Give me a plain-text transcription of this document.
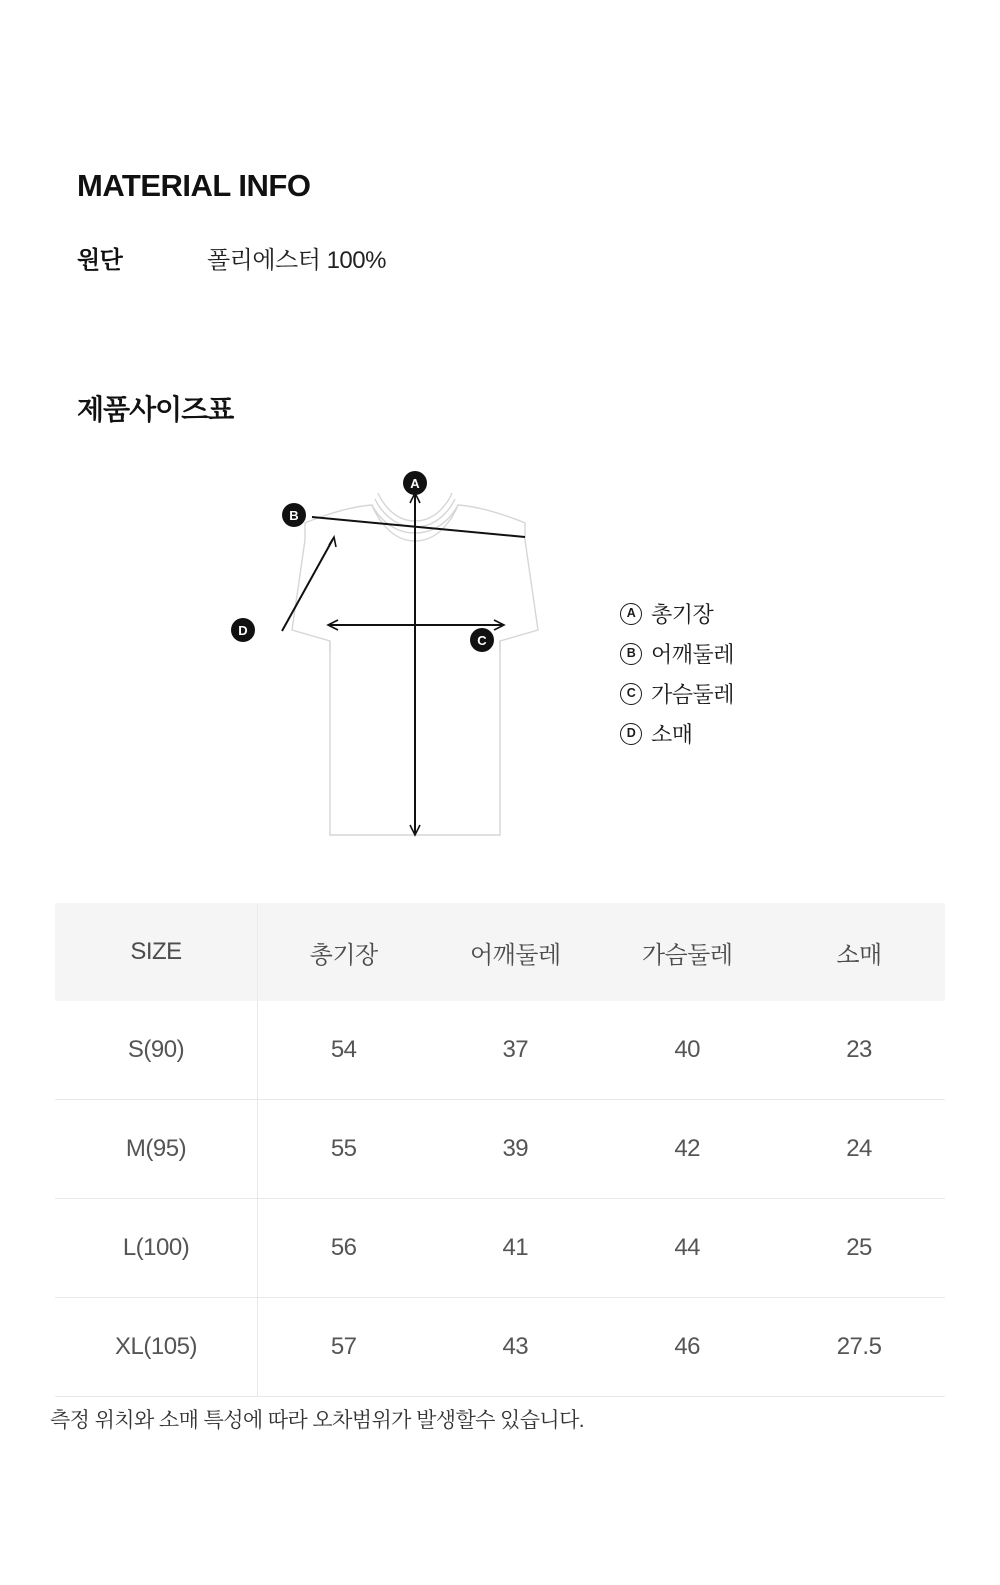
MATERIAL INFO
원단	폴리에스터 100%
제품사이즈표
A
B
C
D
A 총기장
B 어깨둘레
C 가슴둘레
D 소매
SIZE	총기장	어깨둘레	가슴둘레	소매
S(90)	54	37	40	23
M(95)	55	39	42	24
L(100)	56	41	44	25
XL(105)	57	43	46	27.5
측정 위치와 소매 특성에 따라 오차범위가 발생할수 있습니다.
